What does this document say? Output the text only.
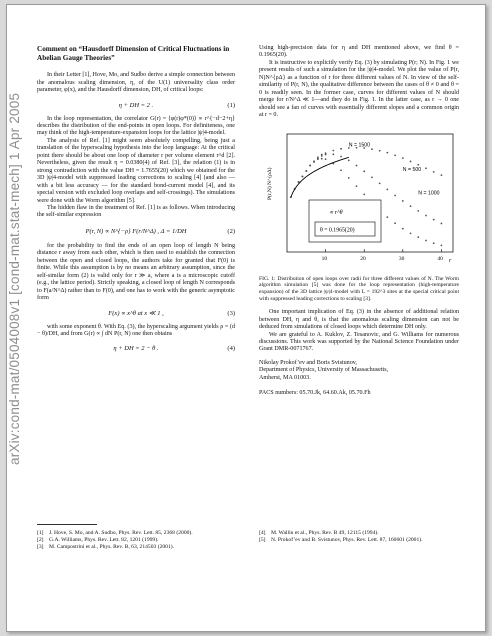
arXiv:cond-mat/0504008v1 [cond-mat.stat-mech] 1 Apr 2005
Comment on “Hausdorff Dimension of Critical Fluctuations in Abelian Gauge Theories”

In their Letter [1], Hove, Mo, and Sudbo derive a simple connection between the anomalous scaling dimension, η, of the U(1) universality class order parameter, φ(x), and the Hausdorff dimension, DH, of critical loops:

η + DH = 2 .	(1)

In the loop representation, the correlator G(r) = ⟨φ(r)φ*(0)⟩ ∝ r^{−d−2+η} describes the distribution of the end-points in open loops. For definiteness, one may think of the high-temperature-expansion loops for the lattice |ψ|4-model.

The analysis of Ref. [1] might seem absolutely compelling, being just a translation of the hyperscaling hypothesis into the loop language: At the critical point there should be about one loop of diameter r per volume element r^d [2]. Nevertheless, given the result η = 0.0380(4) of Ref. [3], the relation (1) is in strong contradiction with the value DH = 1.7655(20) which we obtained for the 3D |ψ|4-model with suppressed leading corrections to scaling [4] (and also — with a bit less accuracy — for the standard bond-current model [4], and its special version with excluded loop overlaps and self-crossings). The simulations were done with the Worm algorithm [5].

The hidden flaw in the treatment of Ref. [1] is as follows. When introducing the self-similar expression

P(r, N) ∝ N^{−ρ} F(r/N^Δ) , Δ = 1/DH	(2)

for the probability to find the ends of an open loop of length N being distance r away from each other, which is then used to establish the connection between the open and closed loops, the authors take for granted that F(0) is finite. While this assumption is by no means an arbitrary assumption, since the self-similar form (2) is valid only for r ≫ a, where a is a microscopic cutoff (e.g., the lattice period). Strictly speaking, a closed loop of length N corresponds to F(a/N^Δ) rather than to F(0), and one has to work with the generic asymptotic form

F(x) ∝ x^θ at x ≪ 1 ,	(3)

with some exponent θ. With Eq. (3), the hyperscaling argument yields ρ = (d − θ)/DH, and from G(r) ∝ ∫ dN P(r, N) one then obtains

η + DH = 2 − θ .	(4)

Using high-precision data for η and DH mentioned above, we find θ = 0.1965(20).

It is instructive to explicitly verify Eq. (3) by simulating P(r; N). In Fig. 1 we present results of such a simulation for the |ψ|4-model. We plot the value of P(r, N)N^{ρΔ} as a function of r for three different values of N. In view of the self-similarity of P(r, N), the qualitative difference between the cases of θ ≠ 0 and θ = 0 is readily seen. In the former case, curves for different values of N should merge for r/N^Δ ≪ 1—and they do in Fig. 1. In the latter case, as r → 0 one should see a fan of curves with essentially different slopes and a common origin at r = 0.

∝ r^θ
θ = 0.1965(20)
P(r,N) N^{ρΔ}
r
10	20	30	40
N = 1500
N = 500
N = 1000
FIG. 1: Distribution of open loops over radii for three different values of N. The Worm algorithm simulation [5] was done for the loop representation (high-temperature expansion) of the 3D lattice |ψ|4-model with L = 192^3 sites at the special critical point with suppressed leading corrections to scaling [3].

One important implication of Eq. (3) in the absence of additional relation between DH, η and θ, is that the anomalous scaling dimension can not be deduced from simulations of closed loops which determine DH only.

We are grateful to A. Kuklov, Z. Tesanovic, and G. Williams for numerous discussions. This work was supported by the National Science Foundation under Grant DMR-0071767.

Nikolay Prokof’ev and Boris Svistunov,
Department of Physics, University of Massachusetts,
Amherst, MA 01003.
PACS numbers: 05.70.Jk, 64.60.Ak, 05.70.Fh
[1] J. Hove, S. Mo, and A. Sudbo, Phys. Rev. Lett. 85, 2368 (2000).
[2] G.A. Williams, Phys. Rev. Lett. 82, 1201 (1999).
[3] M. Campostrini et al., Phys. Rev. B, 63, 214503 (2001).
[4] M. Wallin et al., Phys. Rev. B 49, 12115 (1994).
[5] N. Prokof’ev and B. Svistunov, Phys. Rev. Lett. 87, 160601 (2001).
